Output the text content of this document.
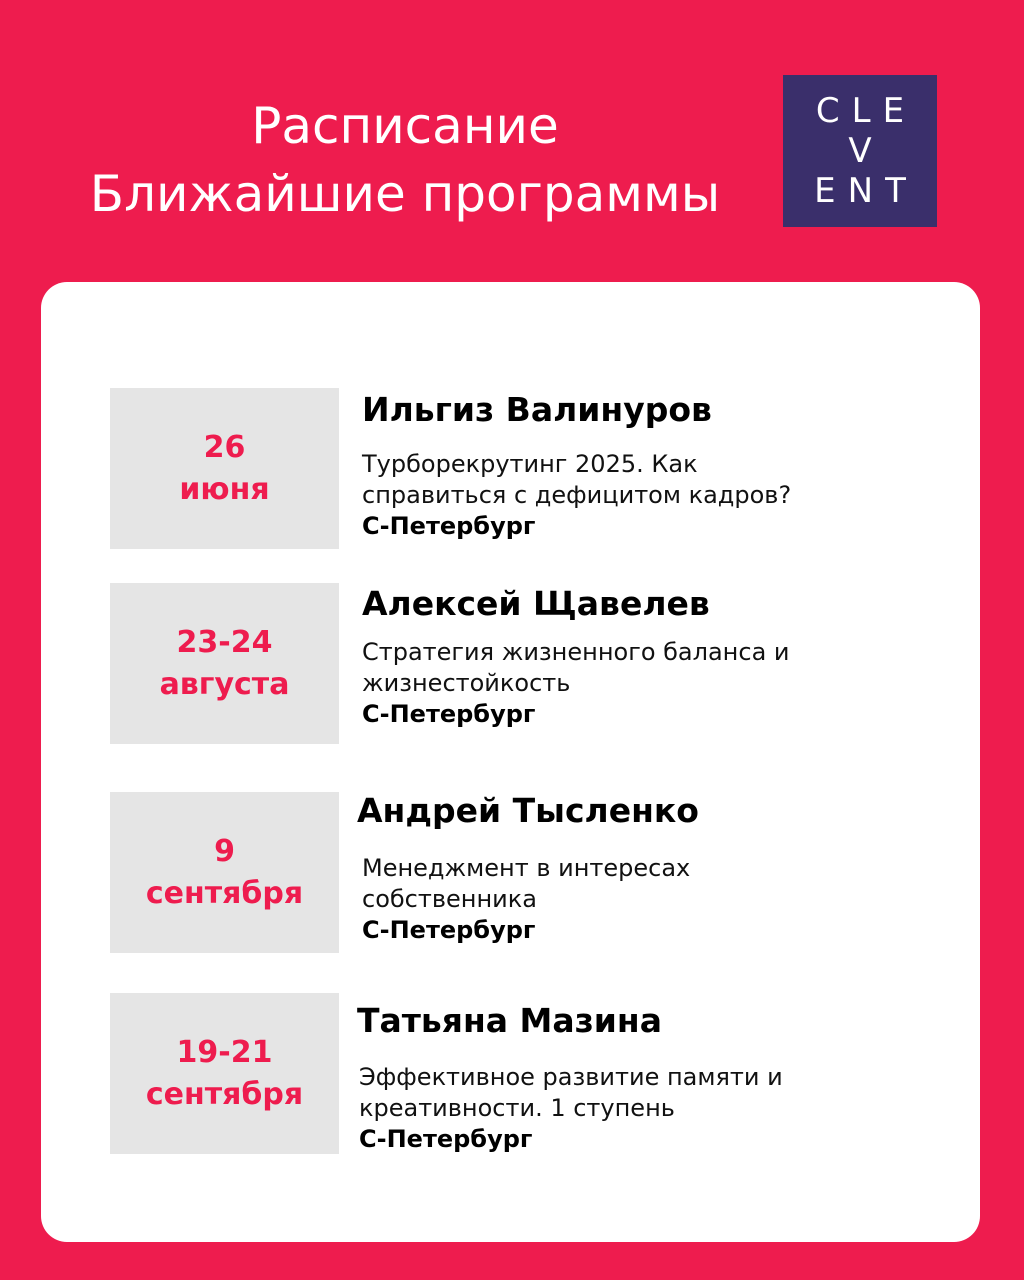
Расписание
Ближайшие программы
CLE
V
ENT
26
июня
Ильгиз Валинуров
Турборекрутинг 2025. Как
справиться с дефицитом кадров?
С-Петербург
23-24
августа
Алексей Щавелев
Стратегия жизненного баланса и
жизнестойкость
С-Петербург
9
сентября
Андрей Тысленко
Менеджмент в интересах
собственника
С-Петербург
19-21
сентября
Татьяна Мазина
Эффективное развитие памяти и
креативности. 1 ступень
С-Петербург
